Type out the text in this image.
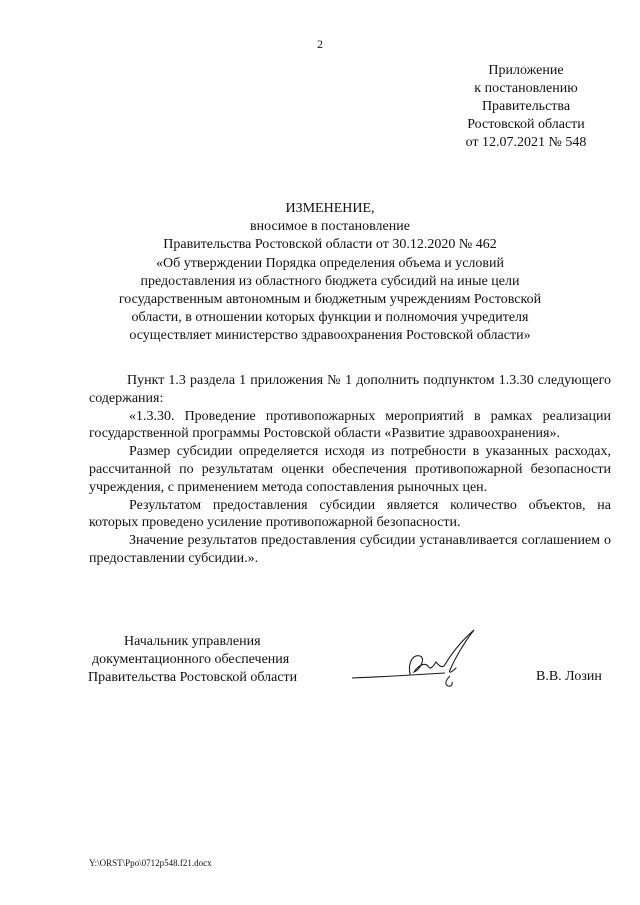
2
Приложение
к постановлению
Правительства
Ростовской области
от 12.07.2021 № 548
ИЗМЕНЕНИЕ,
вносимое в постановление
Правительства Ростовской области от 30.12.2020 № 462
«Об утверждении Порядка определения объема и условий
предоставления из областного бюджета субсидий на иные цели
государственным автономным и бюджетным учреждениям Ростовской
области, в отношении которых функции и полномочия учредителя
осуществляет министерство здравоохранения Ростовской области»

Пункт 1.3 раздела 1 приложения № 1 дополнить подпунктом 1.3.30 следующего содержания:

«1.3.30. Проведение противопожарных мероприятий в рамках реализации государственной программы Ростовской области «Развитие здравоохранения».

Размер субсидии определяется исходя из потребности в указанных расходах, рассчитанной по результатам оценки обеспечения противопожарной безопасности учреждения, с применением метода сопоставления рыночных цен.

Результатом предоставления субсидии является количество объектов, на которых проведено усиление противопожарной безопасности.

Значение результатов предоставления субсидии устанавливается соглашением о предоставлении субсидии.».

Начальник управления
документационного обеспечения
Правительства Ростовской области	В.В. Лозин
Y:\ORST\Ppo\0712p548.f21.docx
